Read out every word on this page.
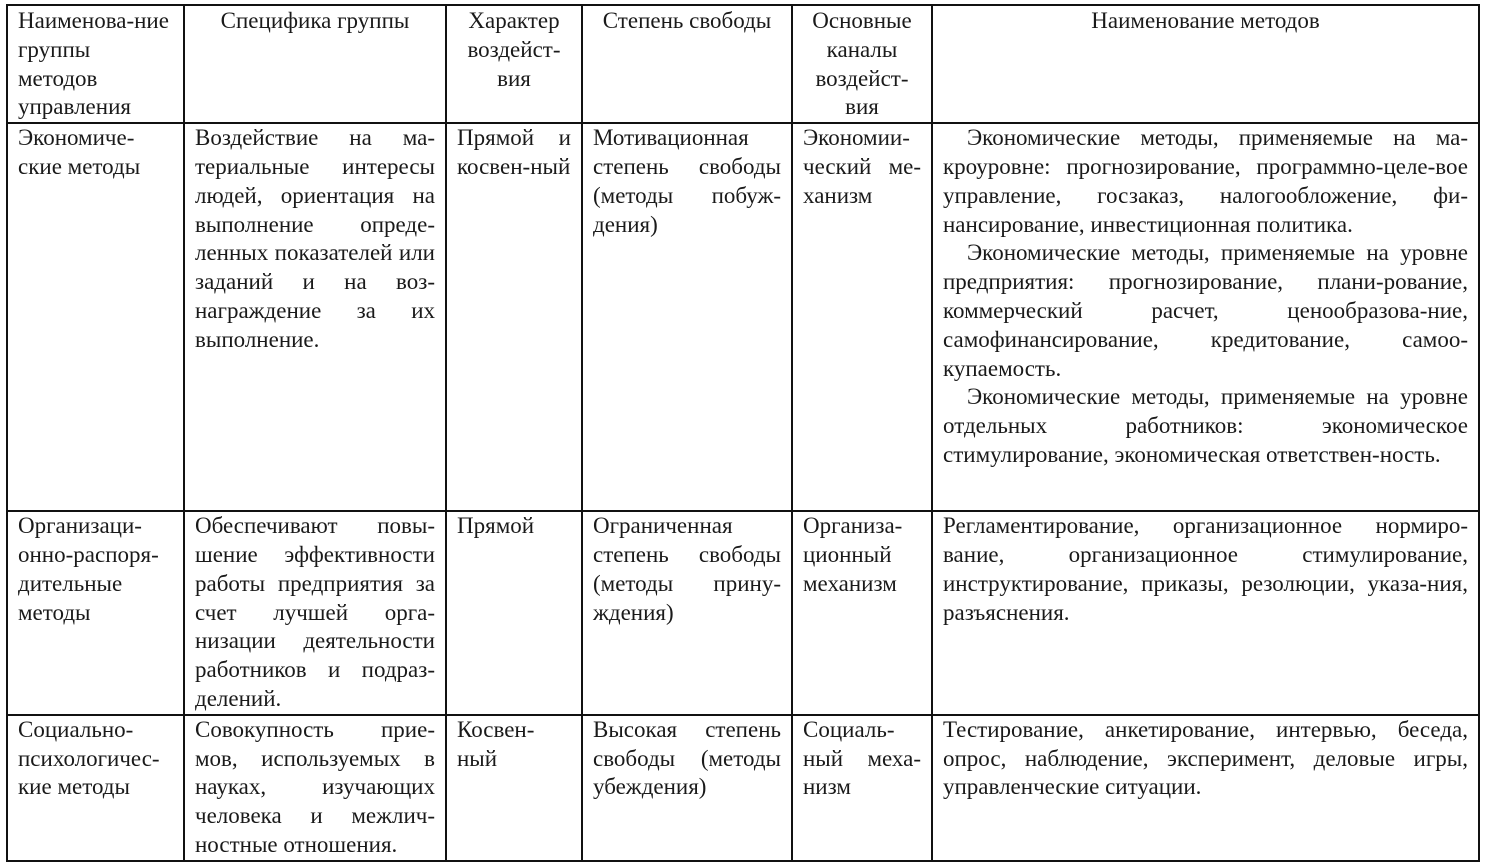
Наименова-ние группы методов управления	Специфика группы	Характер воздейст-вия	Степень свободы	Основные каналы воздейст-вия	Наименование методов
Экономиче-ские методы	Воздействие на ма-териальные интересы людей, ориентация на выполнение опреде-ленных показателей или заданий и на воз-награждение за их выполнение.	Прямой и косвен-ный	Мотивационная степень свободы (методы побуж-дения)	Экономии-ческий ме-ханизм	Экономические методы, применяемые на ма-кроуровне: прогнозирование, программно-целе-вое управление, госзаказ, налогообложение, фи-нансирование, инвестиционная политика.

Экономические методы, применяемые на уровне предприятия: прогнозирование, плани-рование, коммерческий расчет, ценообразова-ние, самофинансирование, кредитование, самоо-купаемость.

Экономические методы, применяемые на уровне отдельных работников: экономическое стимулирование, экономическая ответствен-ность.

Организаци-онно-распоря-дительные методы	Обеспечивают повы-шение эффективности работы предприятия за счет лучшей орга-низации деятельности работников и подраз-делений.	Прямой	Ограниченная степень свободы (методы прину-ждения)	Организа-ционный механизм	Регламентирование, организационное нормиро-вание, организационное стимулирование, инструктирование, приказы, резолюции, указа-ния, разъяснения.

Социально-психологичес-кие методы	Совокупность прие-мов, используемых в науках, изучающих человека и межлич-ностные отношения.	Косвен-ный	Высокая степень свободы (методы убеждения)	Социаль-ный меха-низм	Тестирование, анкетирование, интервью, беседа, опрос, наблюдение, эксперимент, деловые игры, управленческие ситуации.
